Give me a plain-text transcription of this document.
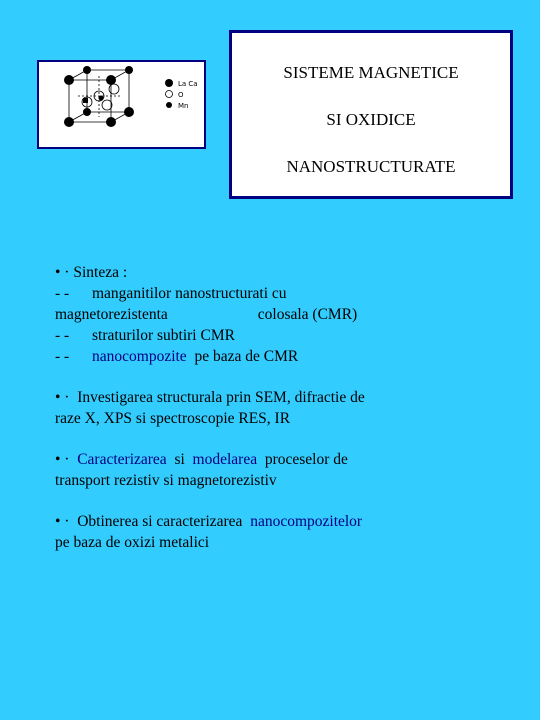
La Ca
O
Mn
SISTEME MAGNETICE
SI OXIDICE
NANOSTRUCTURATE
• · Sinteza :
- - manganitilor nanostructurati cu
magnetorezistenta	colosala (CMR)
- - straturilor subtiri CMR
- - nanocompozite pe baza de CMR
• · Investigarea structurala prin SEM, difractie de
raze X, XPS si spectroscopie RES, IR
• · Caracterizarea si modelarea proceselor de
transport rezistiv si magnetorezistiv
• · Obtinerea si caracterizarea nanocompozitelor
pe baza de oxizi metalici
